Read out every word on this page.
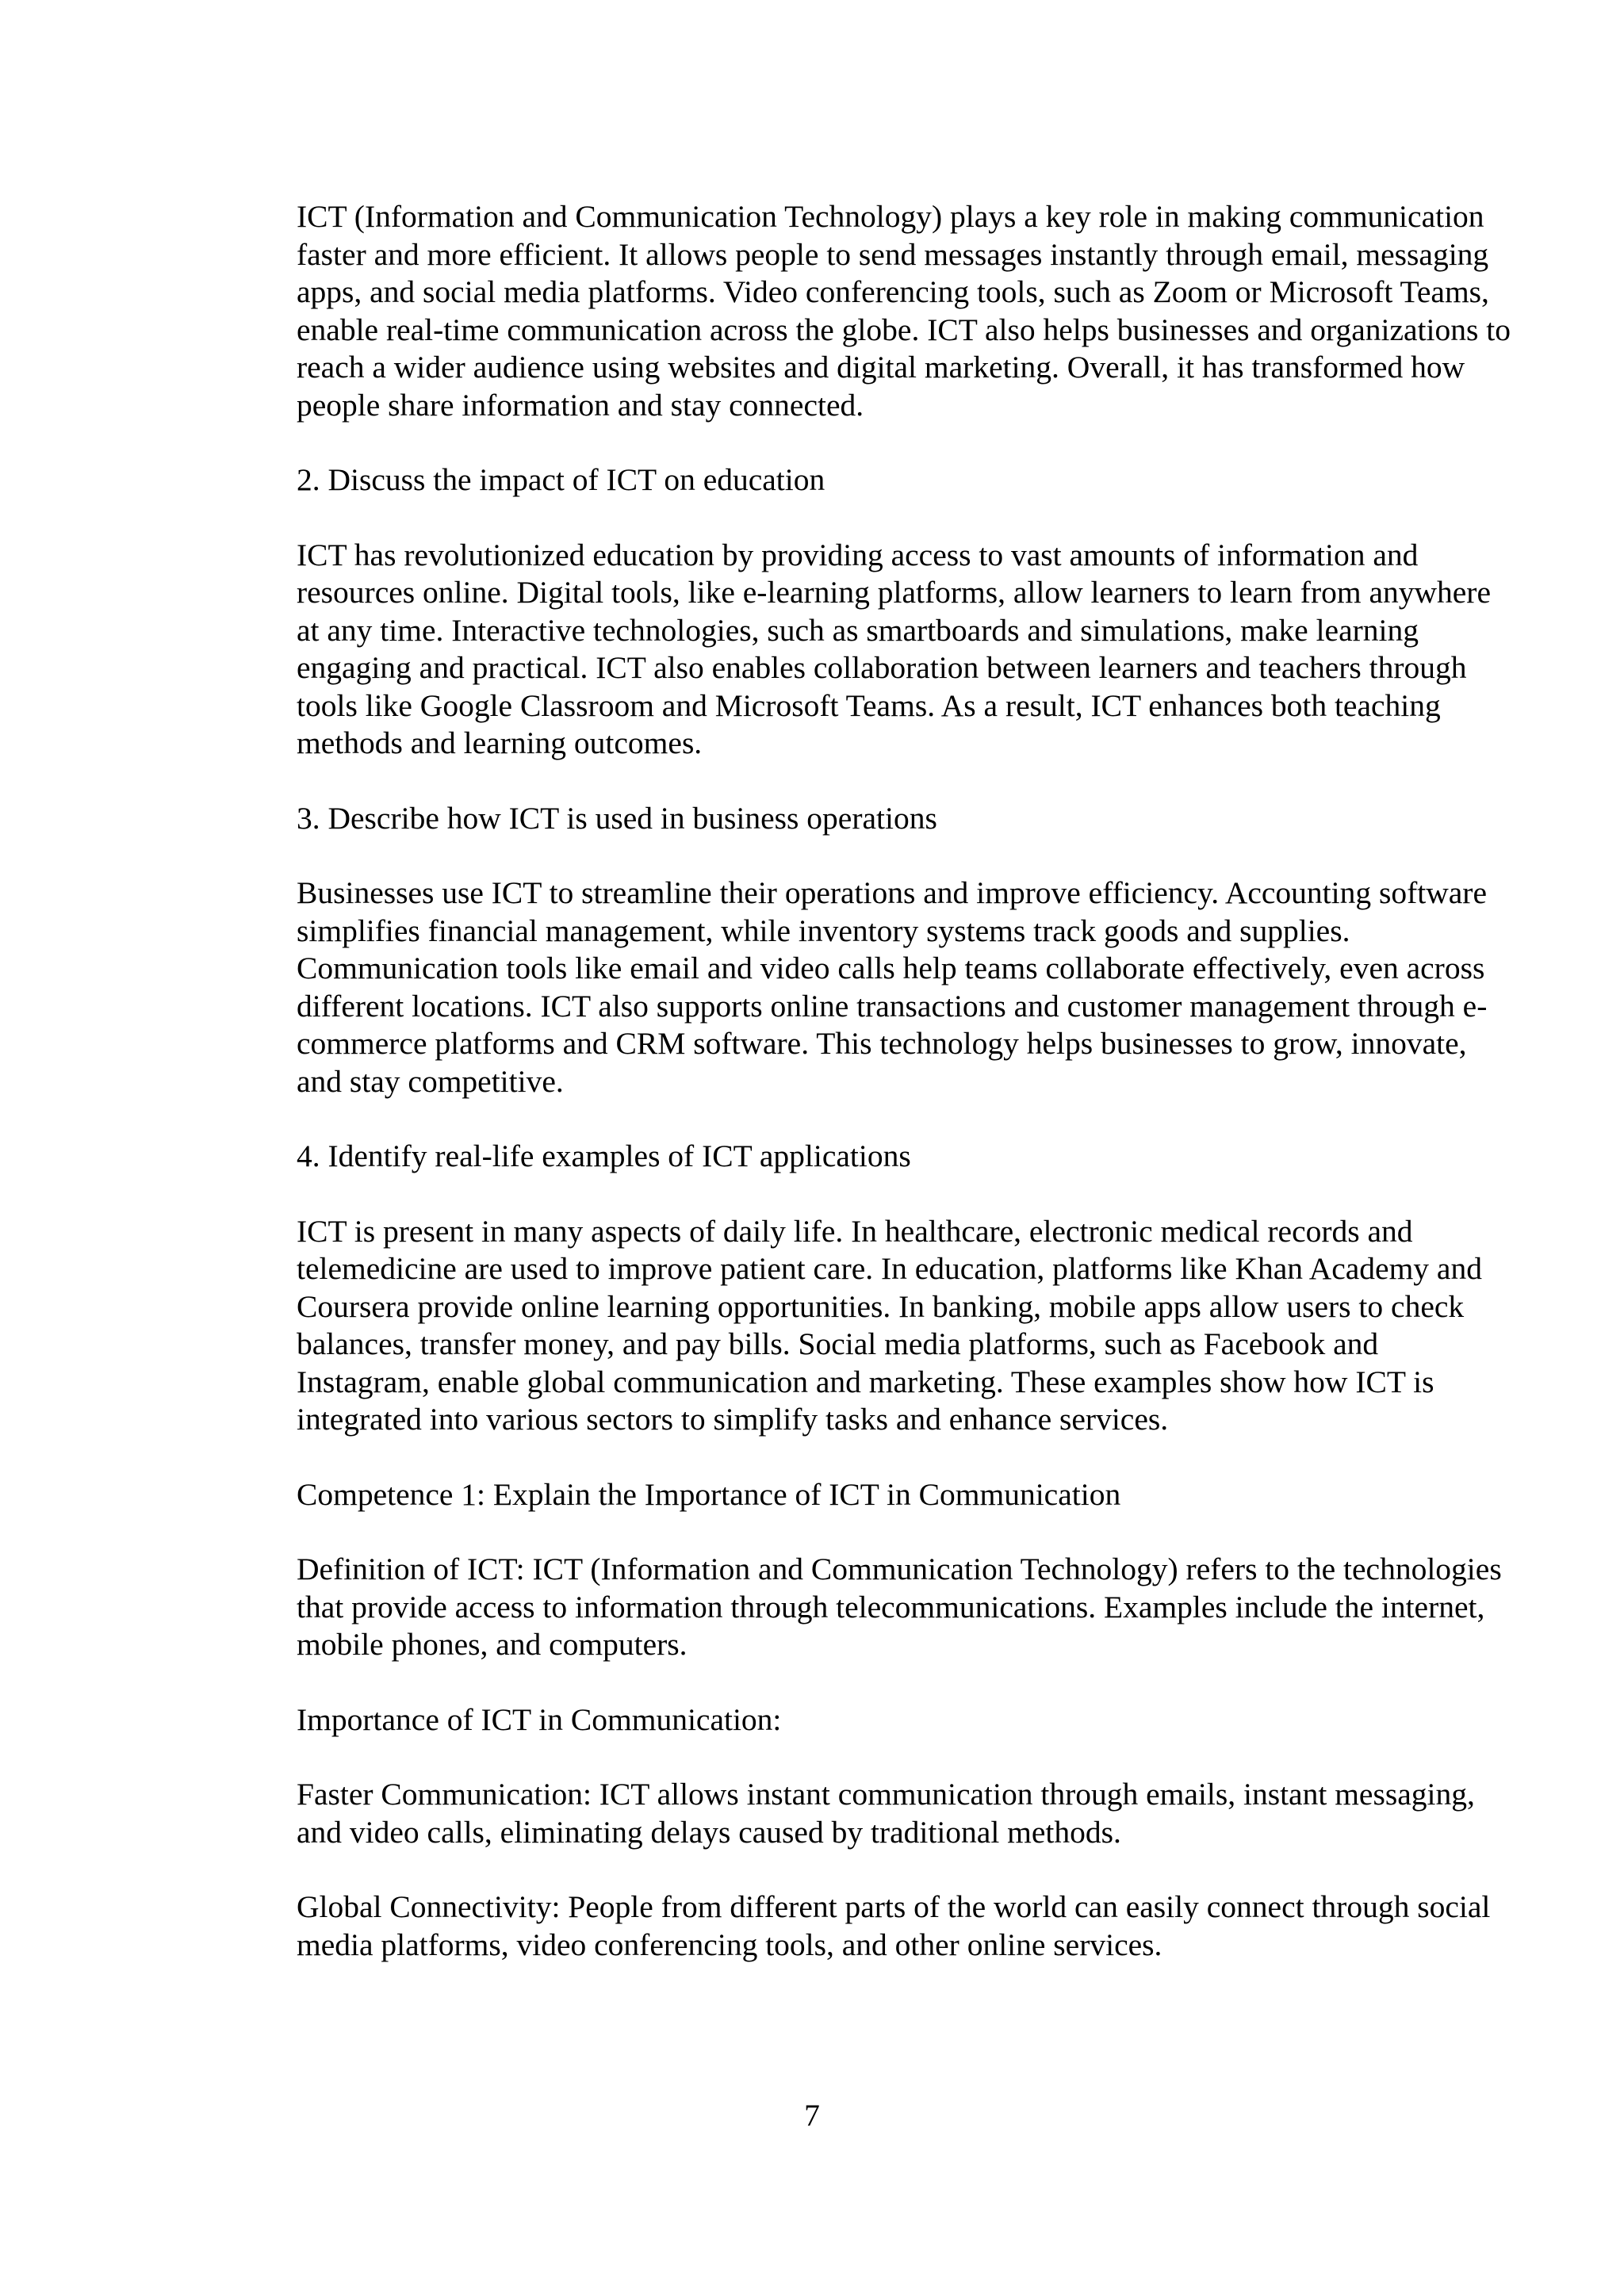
ICT (Information and Communication Technology) plays a key role in making communication faster and more efficient. It allows people to send messages instantly through email, messaging apps, and social media platforms. Video conferencing tools, such as Zoom or Microsoft Teams, enable real-time communication across the globe. ICT also helps businesses and organizations to reach a wider audience using websites and digital marketing. Overall, it has transformed how people share information and stay connected.

2. Discuss the impact of ICT on education

ICT has revolutionized education by providing access to vast amounts of information and resources online. Digital tools, like e-learning platforms, allow learners to learn from anywhere at any time. Interactive technologies, such as smartboards and simulations, make learning engaging and practical. ICT also enables collaboration between learners and teachers through tools like Google Classroom and Microsoft Teams. As a result, ICT enhances both teaching methods and learning outcomes.

3. Describe how ICT is used in business operations

Businesses use ICT to streamline their operations and improve efficiency. Accounting software simplifies financial management, while inventory systems track goods and supplies. Communication tools like email and video calls help teams collaborate effectively, even across different locations. ICT also supports online transactions and customer management through e-commerce platforms and CRM software. This technology helps businesses to grow, innovate, and stay competitive.

4. Identify real-life examples of ICT applications

ICT is present in many aspects of daily life. In healthcare, electronic medical records and telemedicine are used to improve patient care. In education, platforms like Khan Academy and Coursera provide online learning opportunities. In banking, mobile apps allow users to check balances, transfer money, and pay bills. Social media platforms, such as Facebook and Instagram, enable global communication and marketing. These examples show how ICT is integrated into various sectors to simplify tasks and enhance services.

Competence 1: Explain the Importance of ICT in Communication

Definition of ICT: ICT (Information and Communication Technology) refers to the technologies that provide access to information through telecommunications. Examples include the internet, mobile phones, and computers.

Importance of ICT in Communication:

Faster Communication: ICT allows instant communication through emails, instant messaging, and video calls, eliminating delays caused by traditional methods.

Global Connectivity: People from different parts of the world can easily connect through social media platforms, video conferencing tools, and other online services.

7
